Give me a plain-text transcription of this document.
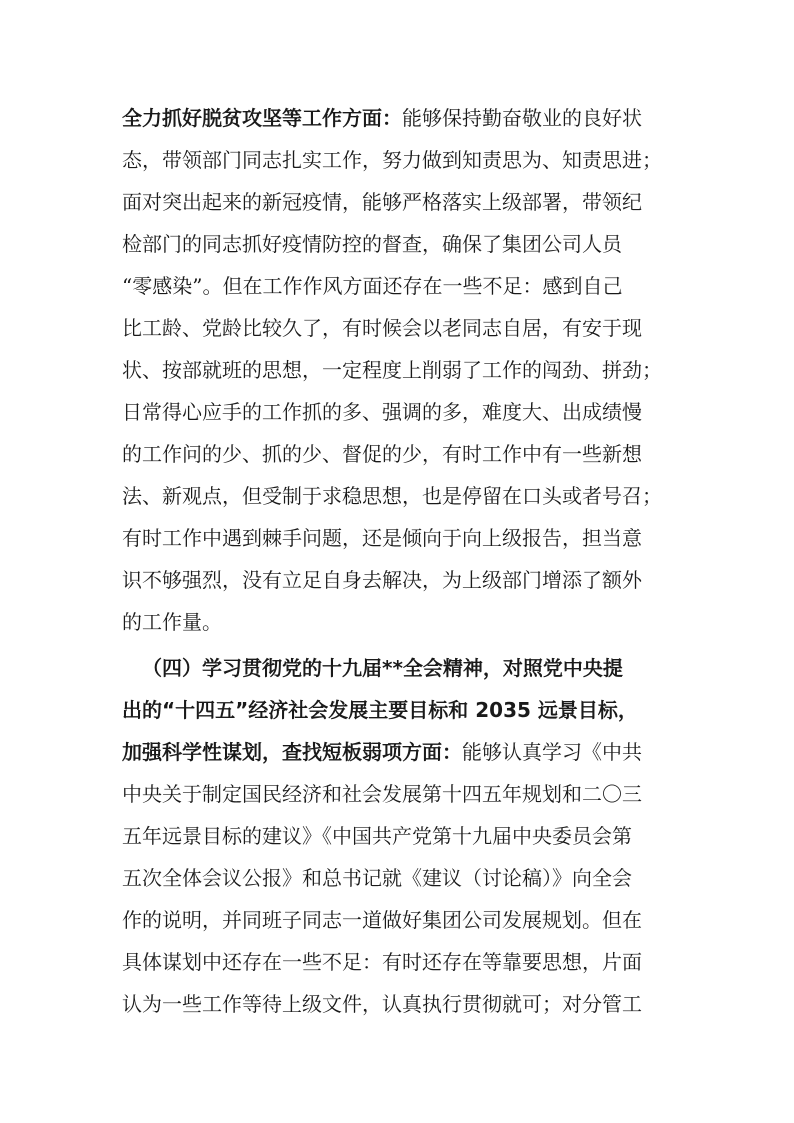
全力抓好脱贫攻坚等工作方面：能够保持勤奋敬业的良好状
态，带领部门同志扎实工作，努力做到知责思为、知责思进；
面对突出起来的新冠疫情，能够严格落实上级部署，带领纪
检部门的同志抓好疫情防控的督查，确保了集团公司人员
“零感染”。但在工作作风方面还存在一些不足：感到自己
比工龄、党龄比较久了，有时候会以老同志自居，有安于现
状、按部就班的思想，一定程度上削弱了工作的闯劲、拼劲；
日常得心应手的工作抓的多、强调的多，难度大、出成绩慢
的工作问的少、抓的少、督促的少，有时工作中有一些新想
法、新观点，但受制于求稳思想，也是停留在口头或者号召；
有时工作中遇到棘手问题，还是倾向于向上级报告，担当意
识不够强烈，没有立足自身去解决，为上级部门增添了额外
的工作量。
（四）学习贯彻党的十九届**全会精神，对照党中央提
出的“十四五”经济社会发展主要目标和 2035 远景目标，
加强科学性谋划，查找短板弱项方面：能够认真学习《中共
中央关于制定国民经济和社会发展第十四五年规划和二〇三
五年远景目标的建议》《中国共产党第十九届中央委员会第
五次全体会议公报》和总书记就《建议（讨论稿）》向全会
作的说明，并同班子同志一道做好集团公司发展规划。但在
具体谋划中还存在一些不足：有时还存在等靠要思想，片面
认为一些工作等待上级文件，认真执行贯彻就可；对分管工
